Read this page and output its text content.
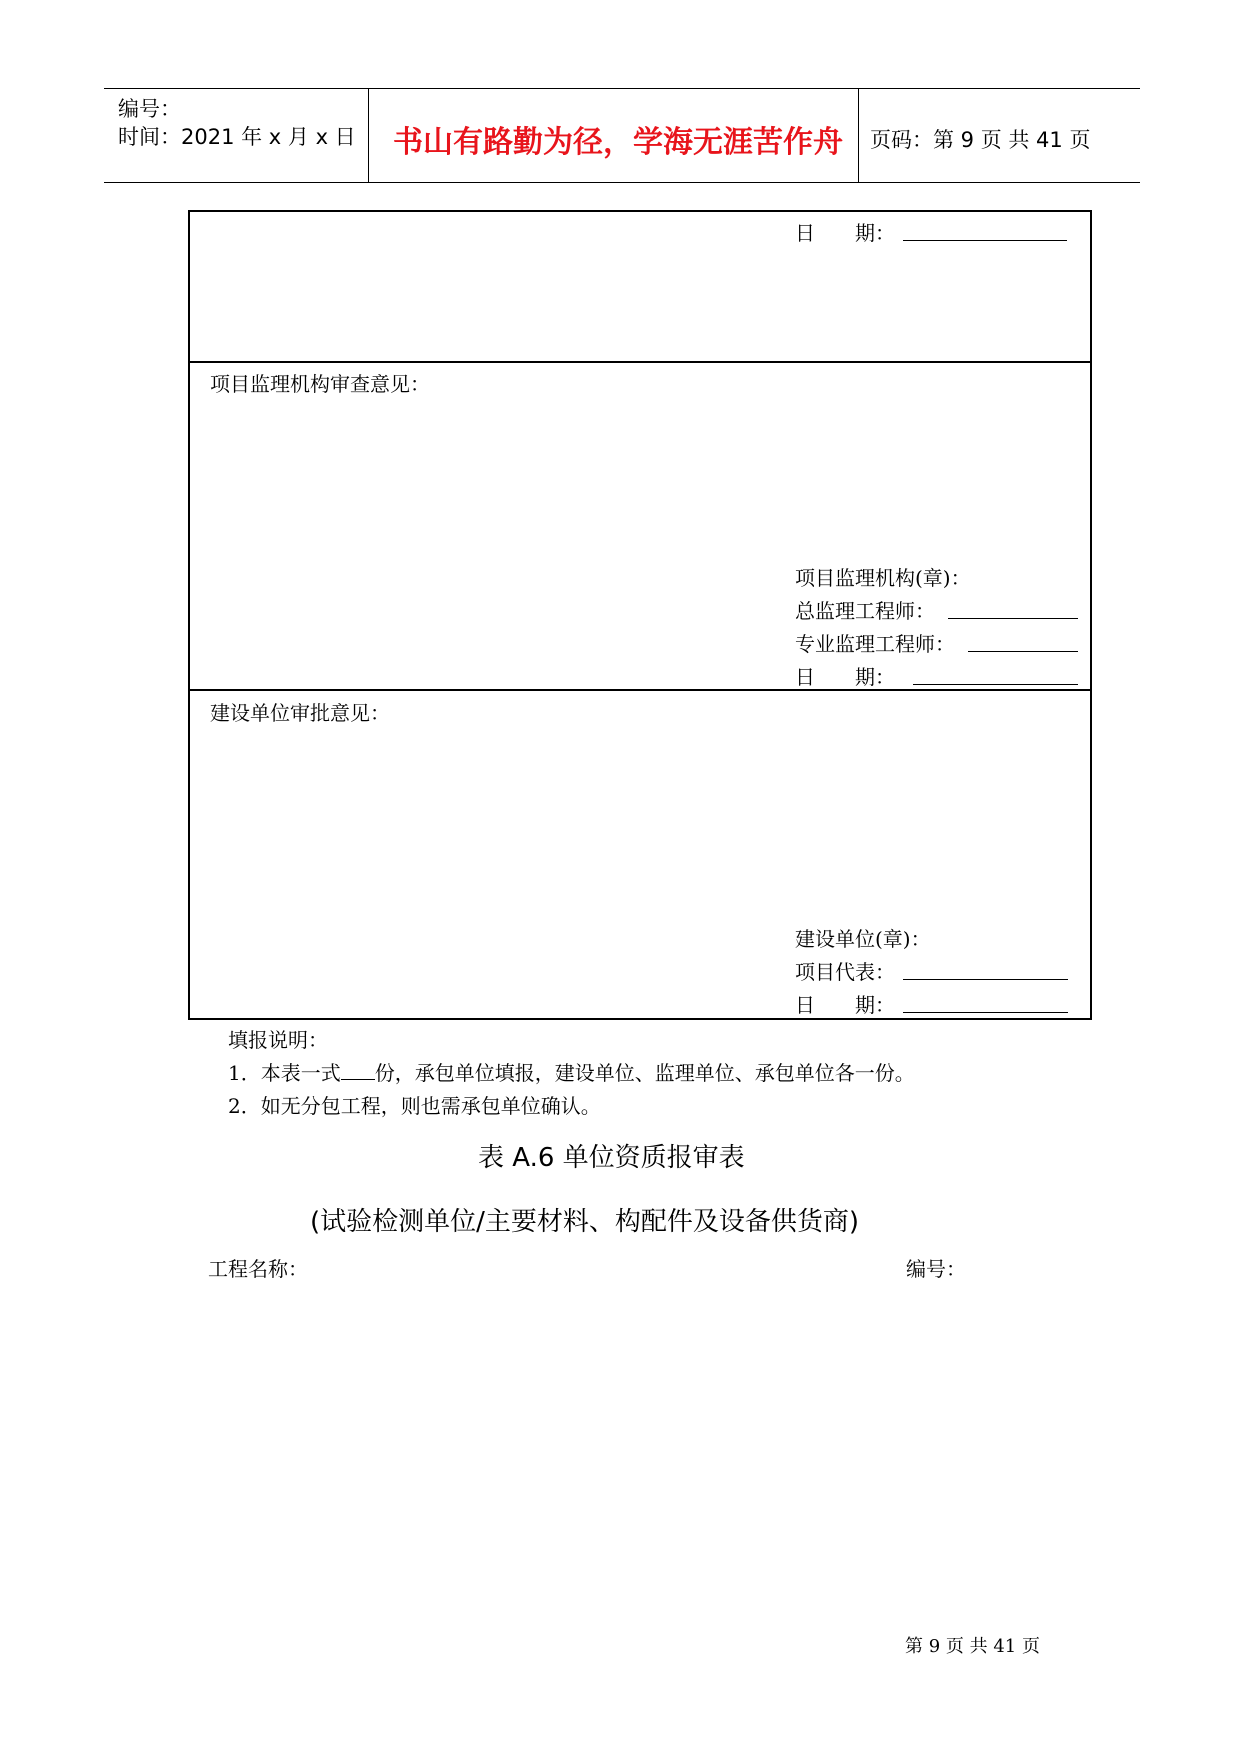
编号：
时间：2021 年 x 月 x 日 书山有路勤为径，学海无涯苦作舟 页码：第 9 页 共 41 页
日　　期：
项目监理机构审查意见：
项目监理机构(章)：
总监理工程师：
专业监理工程师：
日　　期：
建设单位审批意见：
建设单位(章)：
项目代表：
日　　期：
填报说明：
1．本表一式 份，承包单位填报，建设单位、监理单位、承包单位各一份。
2．如无分包工程，则也需承包单位确认。
表 A.6 单位资质报审表
(试验检测单位/主要材料、构配件及设备供货商)
工程名称：	编号：
第 9 页 共 41 页
